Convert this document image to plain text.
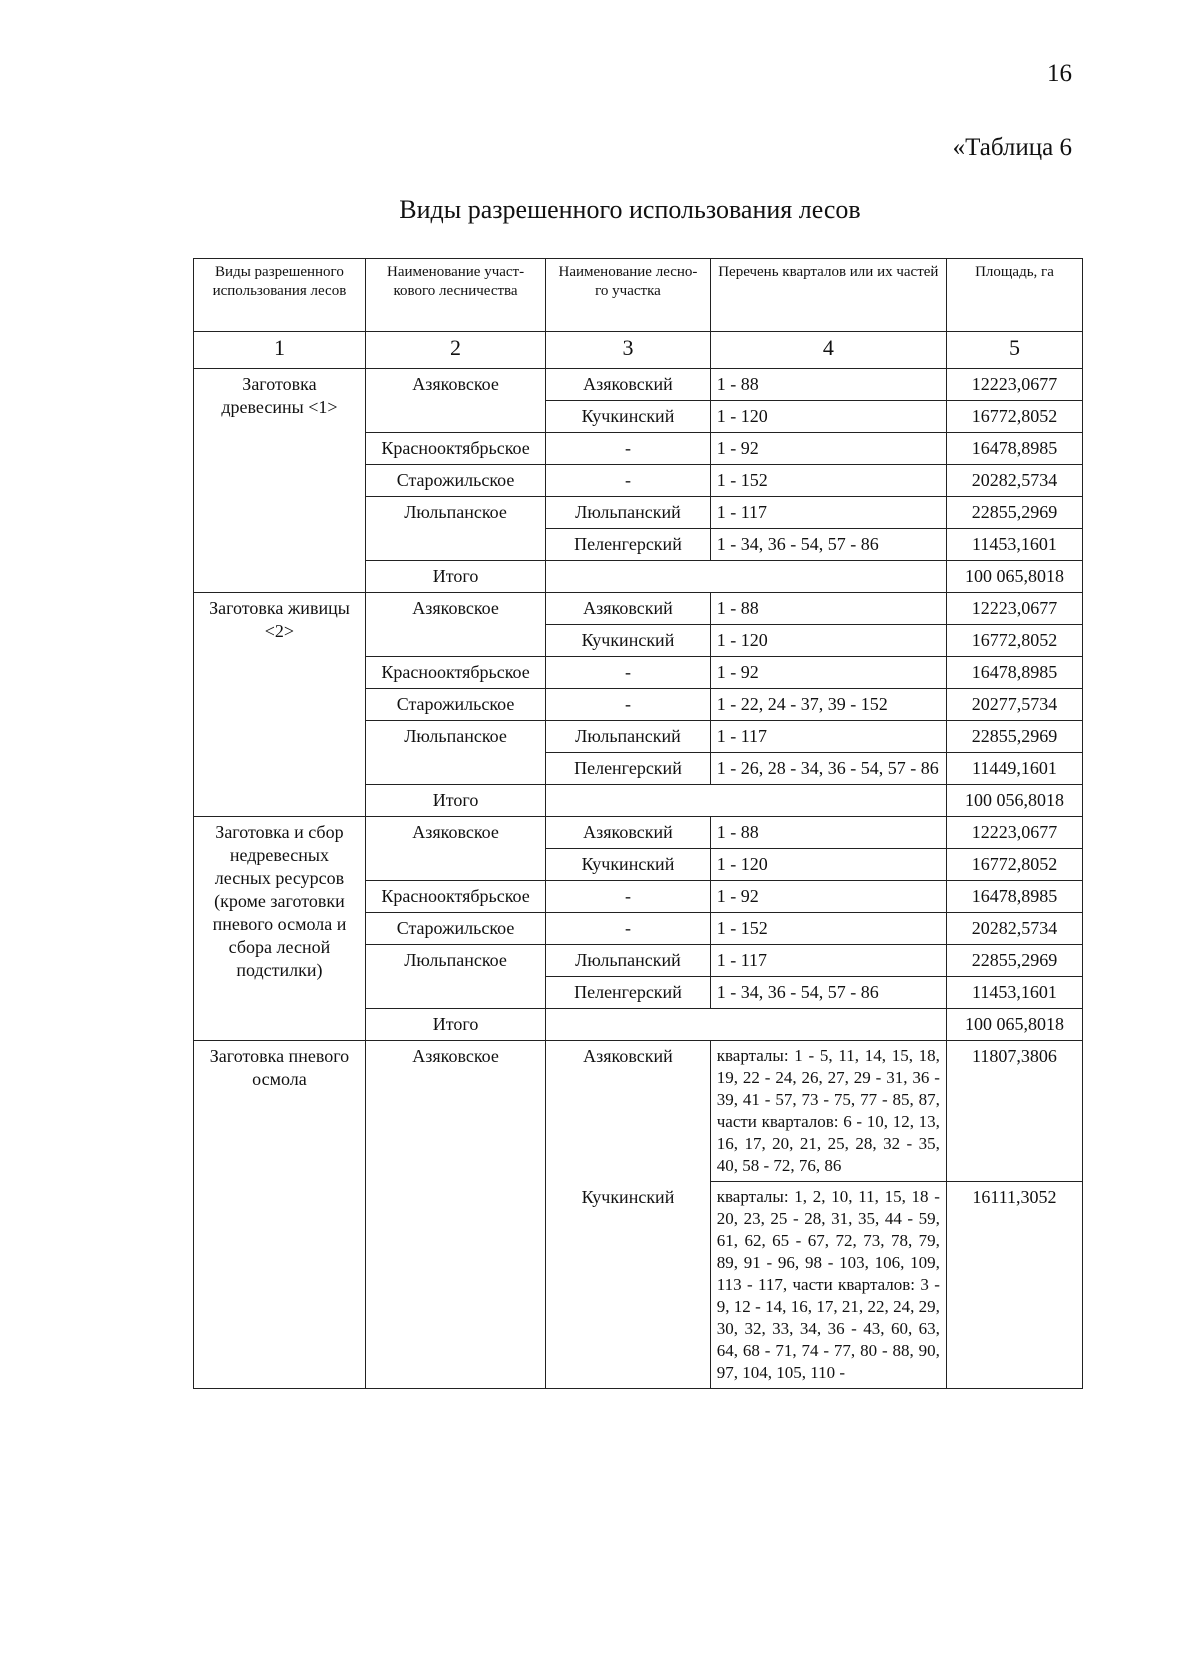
16
«Таблица 6
Виды разрешенного использования лесов
Виды разрешенного использования лесов	Наименование участ-кового лесничества	Наименование лесно-го участка	Перечень кварталов или их частей	Площадь, га
1	2	3	4	5
Заготовка древесины <1>	Азяковское	Азяковский	1 - 88	12223,0677
		Кучкинский	1 - 120	16772,8052
	Краснооктябрьское	-	1 - 92	16478,8985
	Старожильское	-	1 - 152	20282,5734
	Люльпанское	Люльпанский	1 - 117	22855,2969
		Пеленгерский	1 - 34, 36 - 54, 57 - 86	11453,1601
	Итого			100 065,8018
Заготовка живицы <2>	Азяковское	Азяковский	1 - 88	12223,0677
		Кучкинский	1 - 120	16772,8052
	Краснооктябрьское	-	1 - 92	16478,8985
	Старожильское	-	1 - 22, 24 - 37, 39 - 152	20277,5734
	Люльпанское	Люльпанский	1 - 117	22855,2969
		Пеленгерский	1 - 26, 28 - 34, 36 - 54, 57 - 86	11449,1601
	Итого			100 056,8018
Заготовка и сбор недревесных лесных ресурсов (кроме заготовки пневого осмола и сбора лесной подстилки)	Азяковское	Азяковский	1 - 88	12223,0677
		Кучкинский	1 - 120	16772,8052
	Краснооктябрьское	-	1 - 92	16478,8985
	Старожильское	-	1 - 152	20282,5734
	Люльпанское	Люльпанский	1 - 117	22855,2969
		Пеленгерский	1 - 34, 36 - 54, 57 - 86	11453,1601
	Итого			100 065,8018
Заготовка пневого осмола	Азяковское	Азяковский	кварталы: 1 - 5, 11, 14, 15, 18, 19, 22 - 24, 26, 27, 29 - 31, 36 - 39, 41 - 57, 73 - 75, 77 - 85, 87, части кварталов: 6 - 10, 12, 13, 16, 17, 20, 21, 25, 28, 32 - 35, 40, 58 - 72, 76, 86	11807,3806
		Кучкинский	кварталы: 1, 2, 10, 11, 15, 18 - 20, 23, 25 - 28, 31, 35, 44 - 59, 61, 62, 65 - 67, 72, 73, 78, 79, 89, 91 - 96, 98 - 103, 106, 109, 113 - 117, части кварталов: 3 - 9, 12 - 14, 16, 17, 21, 22, 24, 29, 30, 32, 33, 34, 36 - 43, 60, 63, 64, 68 - 71, 74 - 77, 80 - 88, 90, 97, 104, 105, 110 -	16111,3052
